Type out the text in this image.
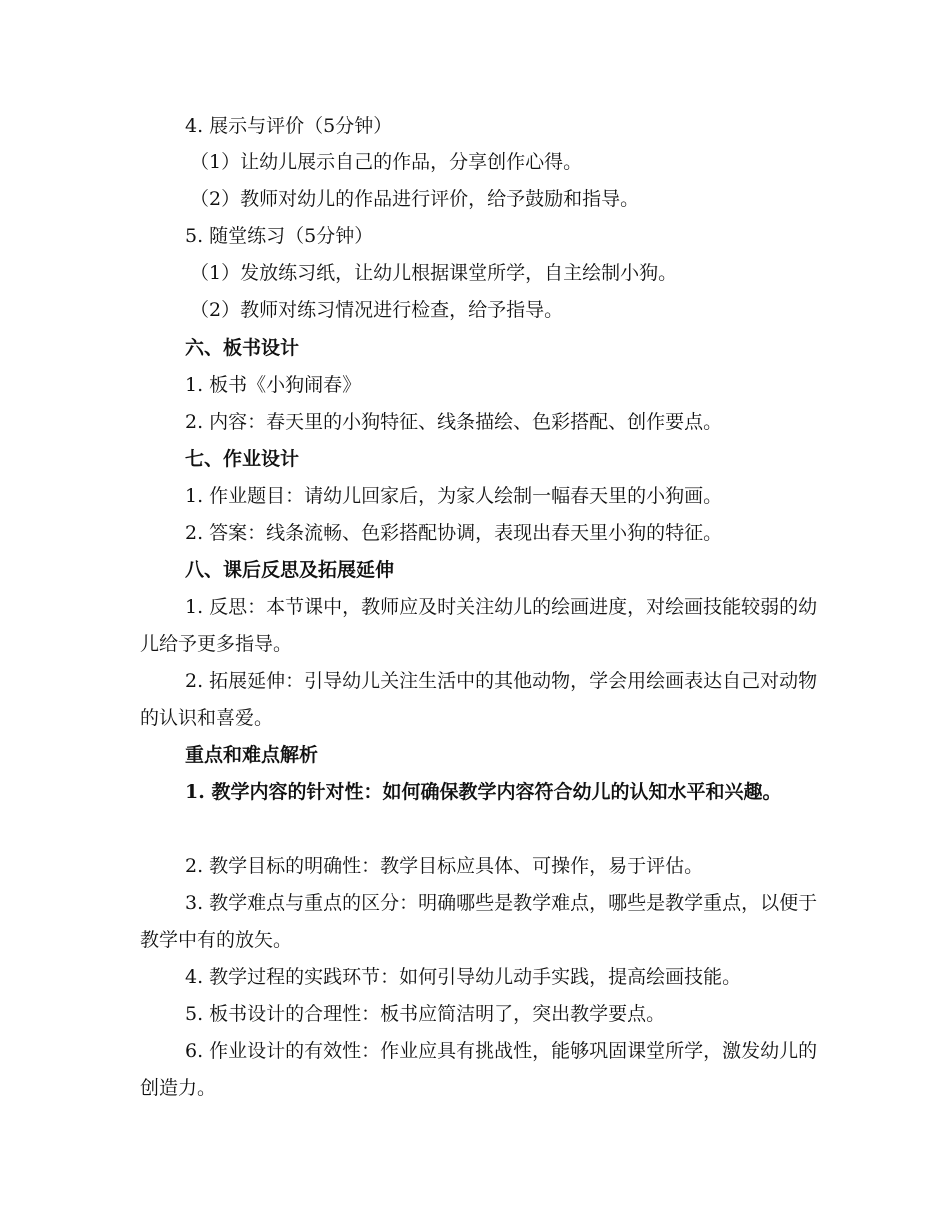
4. 展示与评价（5分钟）

（1）让幼儿展示自己的作品，分享创作心得。

（2）教师对幼儿的作品进行评价，给予鼓励和指导。

5. 随堂练习（5分钟）

（1）发放练习纸，让幼儿根据课堂所学，自主绘制小狗。

（2）教师对练习情况进行检查，给予指导。

六、板书设计

1. 板书《小狗闹春》

2. 内容：春天里的小狗特征、线条描绘、色彩搭配、创作要点。

七、作业设计

1. 作业题目：请幼儿回家后，为家人绘制一幅春天里的小狗画。

2. 答案：线条流畅、色彩搭配协调，表现出春天里小狗的特征。

八、课后反思及拓展延伸

1. 反思：本节课中，教师应及时关注幼儿的绘画进度，对绘画技能较弱的幼儿给予更多指导。

2. 拓展延伸：引导幼儿关注生活中的其他动物，学会用绘画表达自己对动物的认识和喜爱。

重点和难点解析

1. 教学内容的针对性：如何确保教学内容符合幼儿的认知水平和兴趣。

2. 教学目标的明确性：教学目标应具体、可操作，易于评估。

3. 教学难点与重点的区分：明确哪些是教学难点，哪些是教学重点，以便于教学中有的放矢。

4. 教学过程的实践环节：如何引导幼儿动手实践，提高绘画技能。

5. 板书设计的合理性：板书应简洁明了，突出教学要点。

6. 作业设计的有效性：作业应具有挑战性，能够巩固课堂所学，激发幼儿的创造力。
